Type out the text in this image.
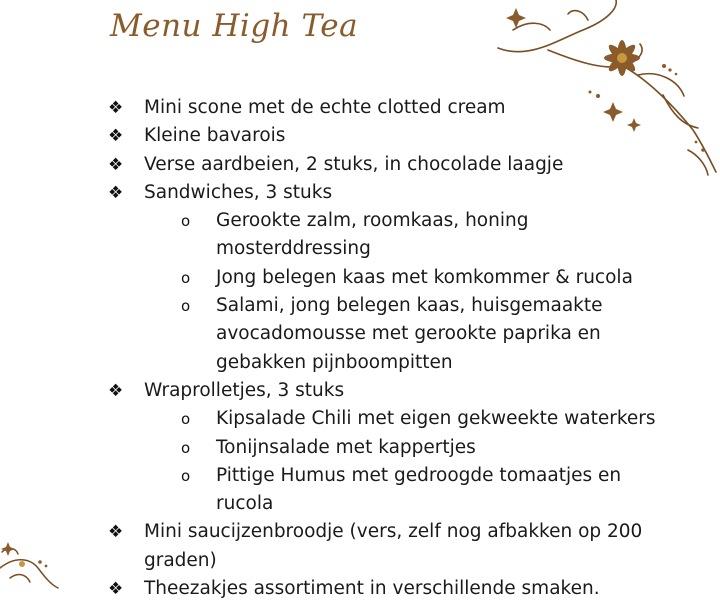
Menu High Tea
❖ Mini scone met de echte clotted cream
❖ Kleine bavarois
❖ Verse aardbeien, 2 stuks, in chocolade laagje
❖ Sandwiches, 3 stuks
o Gerookte zalm, roomkaas, honing mosterddressing
o Jong belegen kaas met komkommer & rucola
o Salami, jong belegen kaas, huisgemaakte avocadomousse met gerookte paprika en gebakken pijnboompitten
❖ Wraprolletjes, 3 stuks
o Kipsalade Chili met eigen gekweekte waterkers
o Tonijnsalade met kappertjes
o Pittige Humus met gedroogde tomaatjes en rucola
❖ Mini saucijzenbroodje (vers, zelf nog afbakken op 200 graden)
❖ Theezakjes assortiment in verschillende smaken.
